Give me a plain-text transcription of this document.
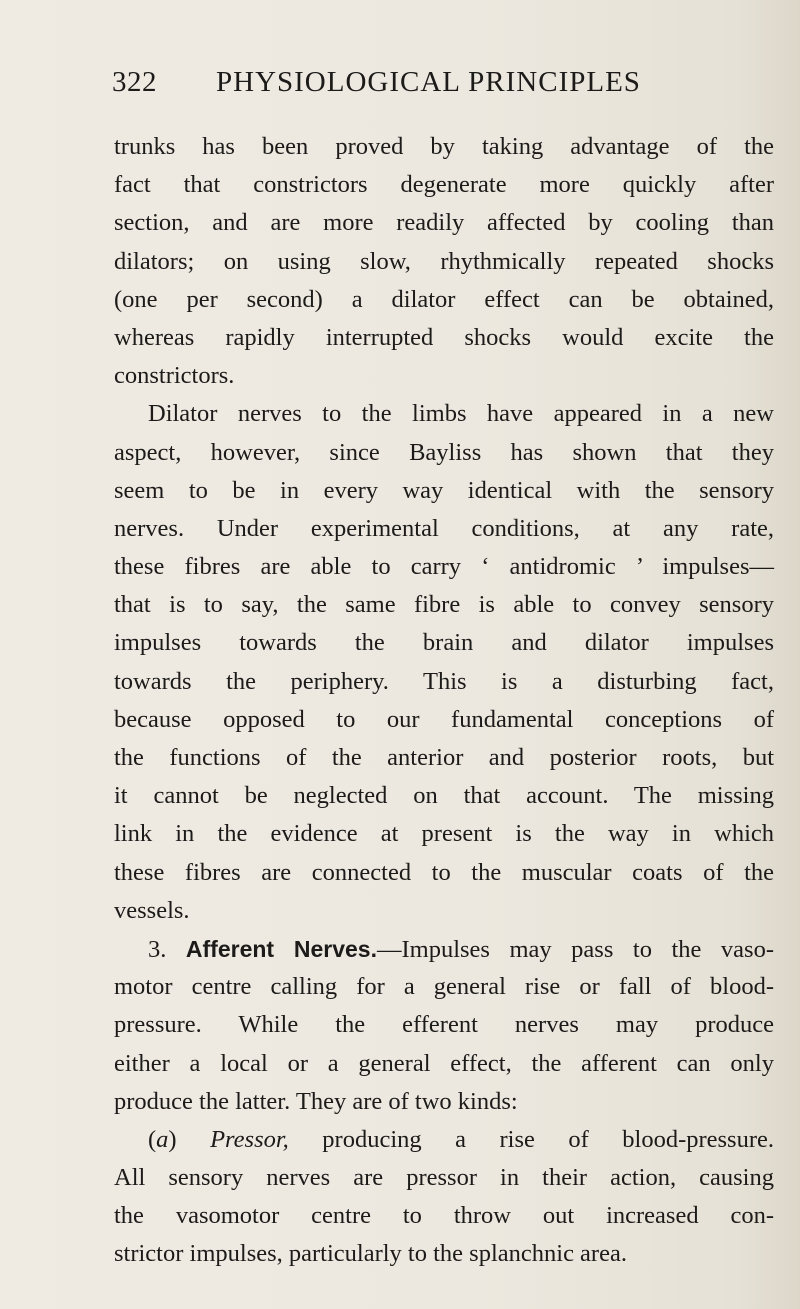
322 PHYSIOLOGICAL PRINCIPLES
trunks has been proved by taking advantage of the
fact that constrictors degenerate more quickly after
section, and are more readily affected by cooling than
dilators; on using slow, rhythmically repeated shocks
(one per second) a dilator effect can be obtained,
whereas rapidly interrupted shocks would excite the
constrictors.
Dilator nerves to the limbs have appeared in a new
aspect, however, since Bayliss has shown that they
seem to be in every way identical with the sensory
nerves. Under experimental conditions, at any rate,
these fibres are able to carry ‘ antidromic ’ impulses—
that is to say, the same fibre is able to convey sensory
impulses towards the brain and dilator impulses
towards the periphery. This is a disturbing fact,
because opposed to our fundamental conceptions of
the functions of the anterior and posterior roots, but
it cannot be neglected on that account. The missing
link in the evidence at present is the way in which
these fibres are connected to the muscular coats of the
vessels.
3. Afferent Nerves.—Impulses may pass to the vaso-
motor centre calling for a general rise or fall of blood-
pressure. While the efferent nerves may produce
either a local or a general effect, the afferent can only
produce the latter. They are of two kinds:
(a) Pressor, producing a rise of blood-pressure.
All sensory nerves are pressor in their action, causing
the vasomotor centre to throw out increased con-
strictor impulses, particularly to the splanchnic area.
